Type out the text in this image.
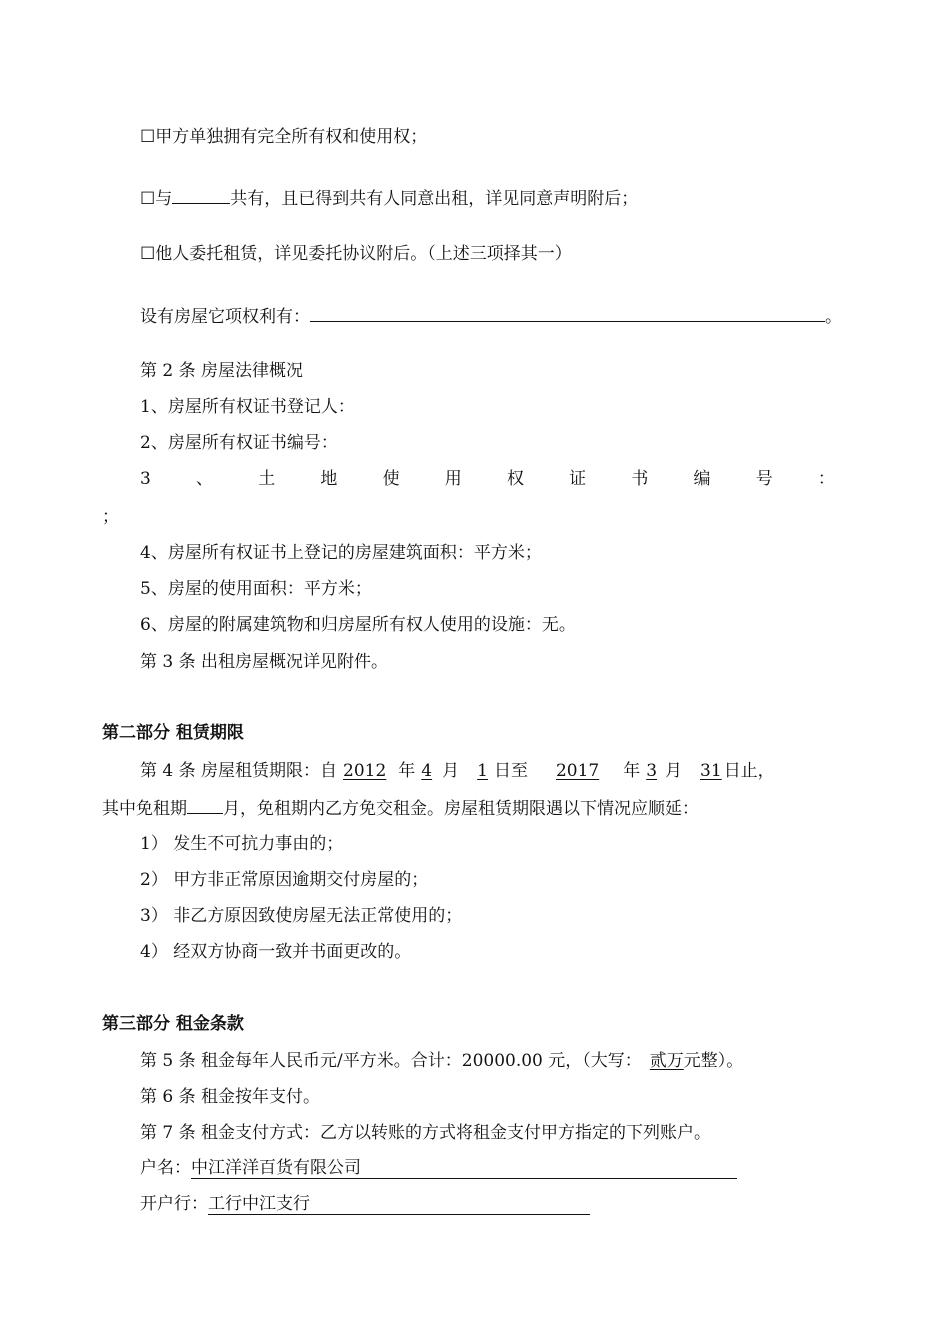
☐甲方单独拥有完全所有权和使用权；
☐与	共有，且已得到共有人同意出租，详见同意声明附后；
☐他人委托租赁，详见委托协议附后。（上述三项择其一）
设有房屋它项权利有：	。
第 2 条 房屋法律概况
1、房屋所有权证书登记人：
2、房屋所有权证书编号：
3	、	土	地	使	用	权	证	书	编	号	：
；
4、房屋所有权证书上登记的房屋建筑面积：平方米；
5、房屋的使用面积：平方米；
6、房屋的附属建筑物和归房屋所有权人使用的设施：无。
第 3 条 出租房屋概况详见附件。
第二部分 租赁期限
第 4 条 房屋租赁期限：自 2012 年 4 月 1 日至 2017 年 3 月 31 日止，
其中免租期 月，免租期内乙方免交租金。房屋租赁期限遇以下情况应顺延：
1） 发生不可抗力事由的；
2） 甲方非正常原因逾期交付房屋的；
3） 非乙方原因致使房屋无法正常使用的；
4） 经双方协商一致并书面更改的。
第三部分 租金条款
第 5 条 租金每年人民币元/平方米。合计：20000.00 元，（大写： 贰万元整）。
第 6 条 租金按年支付。
第 7 条 租金支付方式：乙方以转账的方式将租金支付甲方指定的下列账户。
户名：中江洋洋百货有限公司
开户行：工行中江支行
